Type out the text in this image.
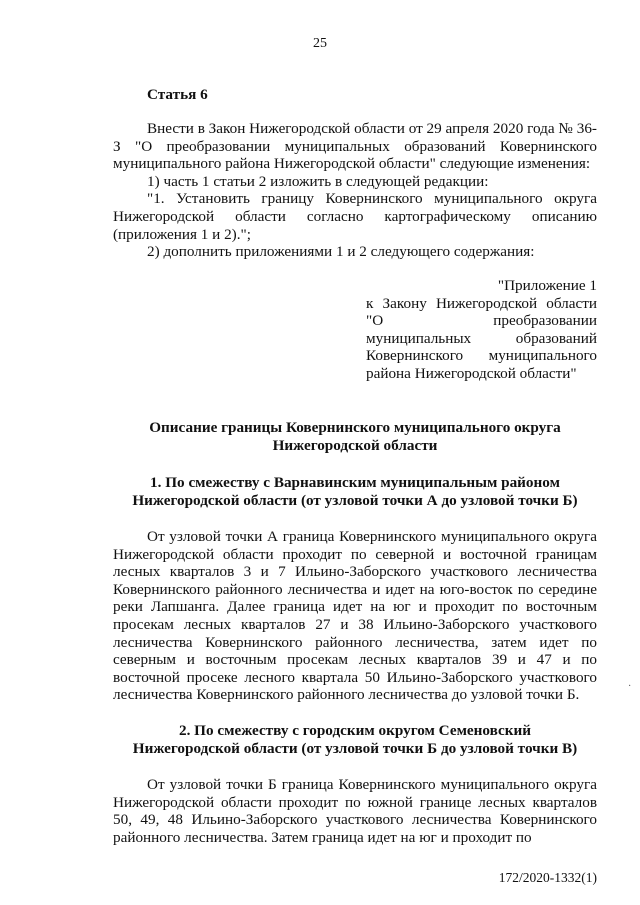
25
Статья 6

Внести в Закон Нижегородской области от 29 апреля 2020 года № 36-З "О преобразовании муниципальных образований Ковернинского муниципального района Нижегородской области" следующие изменения:

1) часть 1 статьи 2 изложить в следующей редакции:

"1. Установить границу Ковернинского муниципального округа Нижегородской области согласно картографическому описанию (приложения 1 и 2).";

2) дополнить приложениями 1 и 2 следующего содержания:

"Приложение 1

к Закону Нижегородской области

"О преобразовании

муниципальных образований

Ковернинского муниципального

района Нижегородской области"

Описание границы Ковернинского муниципального округа

Нижегородской области

1. По смежеству с Варнавинским муниципальным районом

Нижегородской области (от узловой точки А до узловой точки Б)

От узловой точки А граница Ковернинского муниципального округа Нижегородской области проходит по северной и восточной границам лесных кварталов 3 и 7 Ильино-Заборского участкового лесничества Ковернинского районного лесничества и идет на юго-восток по середине реки Лапшанга. Далее граница идет на юг и проходит по восточным просекам лесных кварталов 27 и 38 Ильино-Заборского участкового лесничества Ковернинского районного лесничества, затем идет по северным и восточным просекам лесных кварталов 39 и 47 и по восточной просеке лесного квартала 50 Ильино-Заборского участкового лесничества Ковернинского районного лесничества до узловой точки Б.

2. По смежеству с городским округом Семеновский

Нижегородской области (от узловой точки Б до узловой точки В)

От узловой точки Б граница Ковернинского муниципального округа Нижегородской области проходит по южной границе лесных кварталов 50, 49, 48 Ильино-Заборского участкового лесничества Ковернинского районного лесничества. Затем граница идет на юг и проходит по

172/2020-1332(1)
·
